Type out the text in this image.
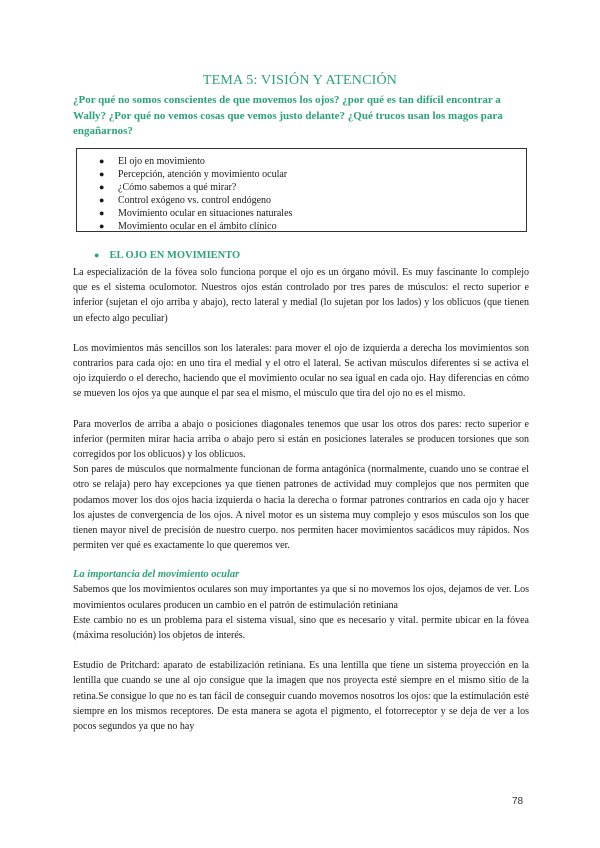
TEMA 5: VISIÓN Y ATENCIÓN

¿Por qué no somos conscientes de que movemos los ojos? ¿por qué es tan difícil encontrar a Wally? ¿Por qué no vemos cosas que vemos justo delante? ¿Qué trucos usan los magos para engañarnos?

● El ojo en movimiento
● Percepción, atención y movimiento ocular
● ¿Cómo sabemos a qué mirar?
● Control exógeno vs. control endógeno
● Movimiento ocular en situaciones naturales
● Movimiento ocular en el ámbito clínico
● EL OJO EN MOVIMIENTO

La especialización de la fóvea solo funciona porque el ojo es un órgano móvil. Es muy fascinante lo complejo que es el sistema oculomotor. Nuestros ojos están controlado por tres pares de músculos: el recto superior e inferior (sujetan el ojo arriba y abajo), recto lateral y medial (lo sujetan por los lados) y los oblicuos (que tienen un efecto algo peculiar)

Los movimientos más sencillos son los laterales: para mover el ojo de izquierda a derecha los movimientos son contrarios para cada ojo: en uno tira el medial y el otro el lateral. Se activan músculos diferentes si se activa el ojo izquierdo o el derecho, haciendo que el movimiento ocular no sea igual en cada ojo. Hay diferencias en cómo se mueven los ojos ya que aunque el par sea el mismo, el músculo que tira del ojo no es el mismo.

Para moverlos de arriba a abajo o posiciones diagonales tenemos que usar los otros dos pares: recto superior e inferior (permiten mirar hacia arriba o abajo pero si están en posiciones laterales se producen torsiones que son corregidos por los oblicuos) y los oblicuos.

Son pares de músculos que normalmente funcionan de forma antagónica (normalmente, cuando uno se contrae el otro se relaja) pero hay excepciones ya que tienen patrones de actividad muy complejos que nos permiten que podamos mover los dos ojos hacia izquierda o hacia la derecha o formar patrones contrarios en cada ojo y hacer los ajustes de convergencia de los ojos. A nivel motor es un sistema muy complejo y esos músculos son los que tienen mayor nivel de precisión de nuestro cuerpo. nos permiten hacer movimientos sacádicos muy rápidos. Nos permiten ver qué es exactamente lo que queremos ver.

La importancia del movimiento ocular

Sabemos que los movimientos oculares son muy importantes ya que si no movemos los ojos, dejamos de ver. Los movimientos oculares producen un cambio en el patrón de estimulación retiniana

Este cambio no es un problema para el sistema visual, sino que es necesario y vital. permite ubicar en la fóvea (máxima resolución) los objetos de interés.

Estudio de Pritchard: aparato de estabilización retiniana. Es una lentilla que tiene un sistema proyección en la lentilla que cuando se une al ojo consigue que la imagen que nos proyecta esté siempre en el mismo sitio de la retina.Se consigue lo que no es tan fácil de conseguir cuando movemos nosotros los ojos: que la estimulación esté siempre en los mismos receptores. De esta manera se agota el pigmento, el fotorreceptor y se deja de ver a los pocos segundos ya que no hay

78
